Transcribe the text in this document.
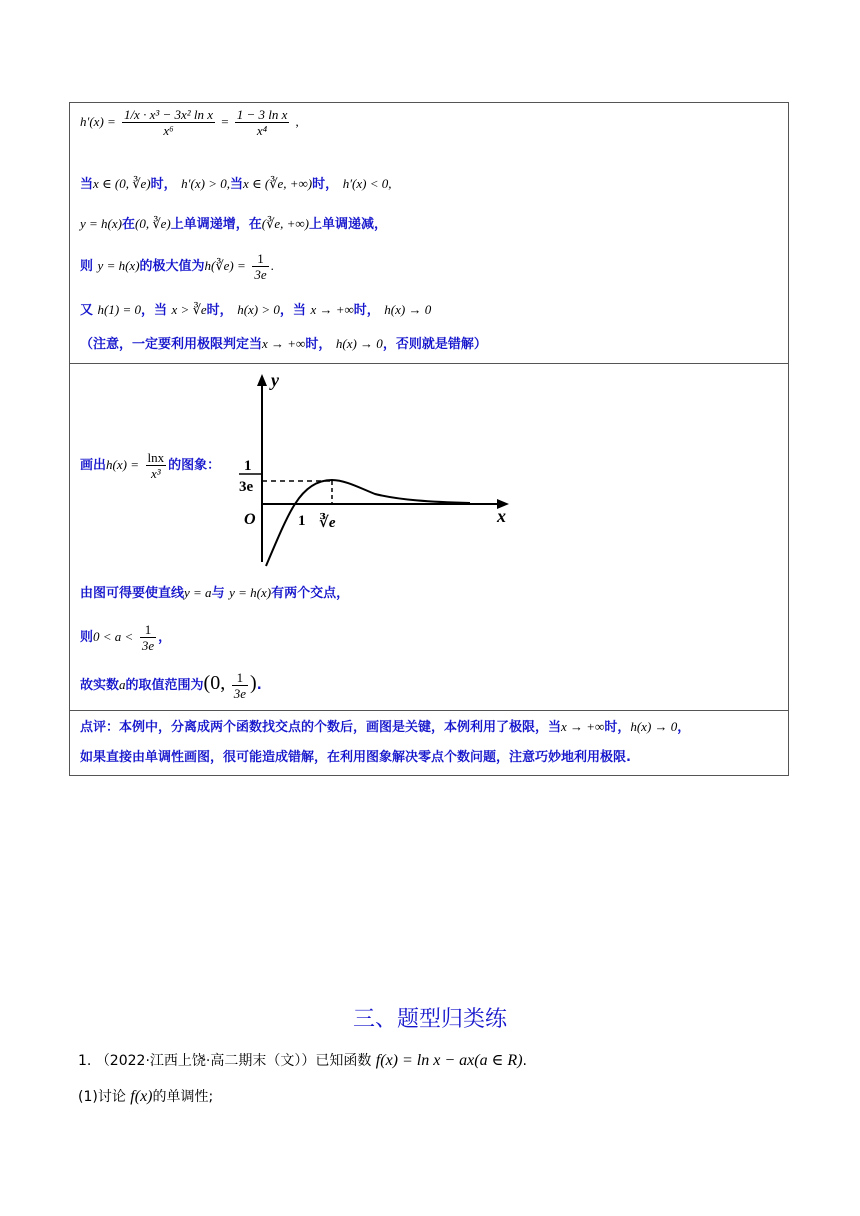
$h'(x) = \frac{\text{1/x · x³ − 3x² ln x}}{\text{x⁶}} = \frac{\text{1 − 3 ln x}}{\text{x⁴}}$ ,
当x ∈ (0, ∛e)时， h′(x) > 0,当x ∈ (∛e, +∞)时， h′(x) < 0,
y = h(x)在(0, ∛e)上单调递增，在(∛e, +∞)上单调递减，
则 y = h(x)的极大值为h(∛e) = $\frac{1}{3e}$ .
又 h(1) = 0，当 x > ∛e时， h(x) > 0，当 x → +∞时， h(x) → 0
（注意，一定要利用极限判定当x → +∞时， h(x) → 0，否则就是错解）
画出$h(x) = \frac{\ln x}{\text{x³}}$ 的图象：
y
x
O
1
3e
1 ∛e
由图可得要使直线y = a与 y = h(x)有两个交点，
则$0 < a < \frac{1}{3e}$ ，
故实数a的取值范围为(0, $\frac{1}{3e}$ ).
点评：本例中，分离成两个函数找交点的个数后，画图是关键，本例利用了极限，当x → +∞时，h(x) → 0，
如果直接由单调性画图，很可能造成错解，在利用图象解决零点个数问题，注意巧妙地利用极限.
三、题型归类练
1. （2022·江西上饶·高二期末（文））已知函数 f(x) = ln x − ax(a ∈ R).
(1)讨论 f(x)的单调性;
